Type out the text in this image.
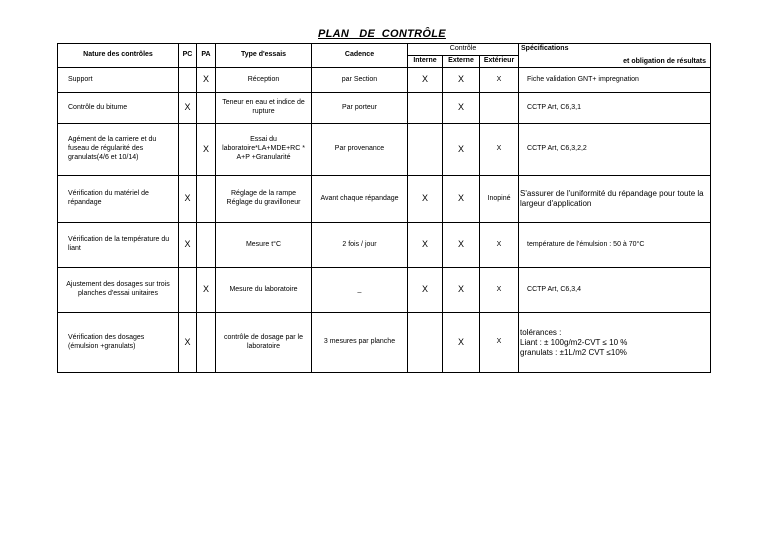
PLAN   DE  CONTRÔLE
Nature des contrôles	PC	PA	Type d'essais	Cadence	Contrôle			Spécifications
et obligation de résultats

					Interne	Externe	Extérieur	
Support		X	Réception	par Section	X	X	X	Fiche validation GNT+ impregnation
Contrôle du bitume	X		Teneur en eau et indice de rupture	Par porteur		X		CCTP Art, C6,3,1
Agément de la carriere et du fuseau de régularité des granulats(4/6 et 10/14)		X	Essai du laboratoire*LA+MDE+RC * A+P +Granularité	Par provenance		X	X	CCTP Art, C6,3,2,2
Vérification du matériel de répandage	X		Réglage de la rampe Réglage du gravilloneur	Avant chaque répandage	X	X	Inopiné	S'assurer de l'uniformité du répandage pour toute la largeur d'application
Vérification de la température du liant	X		Mesure t°C	2 fois / jour	X	X	X	température de l'émulsion : 50 à 70°C
Ajustement des dosages sur trois planches d'essai unitaires		X	Mesure du laboratoire	_	X	X	X	CCTP Art, C6,3,4
Vérification des dosages (émulsion +granulats)	X		contrôle de dosage par le laboratoire	3 mesures par planche		X	X	tolérances :
Liant : ± 100g/m2-CVT ≤ 10 %
granulats : ±1L/m2 CVT ≤10%
